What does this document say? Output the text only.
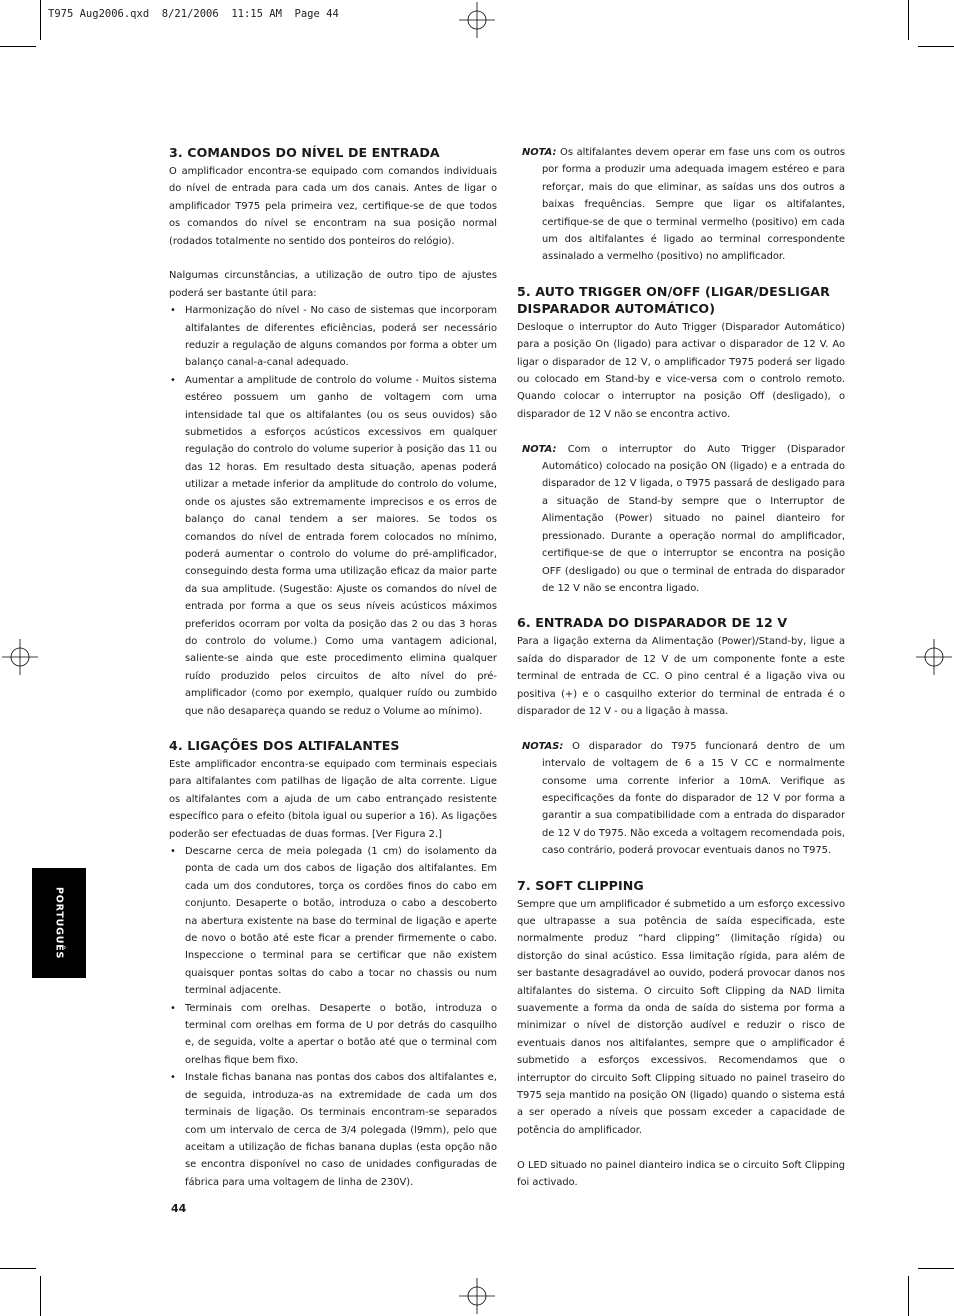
T975 Aug2006.qxd  8/21/2006  11:15 AM  Page 44
PORTUGUÊS
3. COMANDOS DO NÍVEL DE ENTRADA

O amplificador encontra-se equipado com comandos individuais do nível de entrada para cada um dos canais. Antes de ligar o amplificador T975 pela primeira vez, certifique-se de que todos os comandos do nível se encontram na sua posição normal (rodados totalmente no sentido dos ponteiros do relógio).

Nalgumas circunstâncias, a utilização de outro tipo de ajustes poderá ser bastante útil para:

• Harmonização do nível - No caso de sistemas que incorporam altifalantes de diferentes eficiências, poderá ser necessário reduzir a regulação de alguns comandos por forma a obter um balanço canal-a-canal adequado.
• Aumentar a amplitude de controlo do volume - Muitos sistema estéreo possuem um ganho de voltagem com uma intensidade tal que os altifalantes (ou os seus ouvidos) são submetidos a esforços acústicos excessivos em qualquer regulação do controlo do volume superior à posição das 11 ou das 12 horas. Em resultado desta situação, apenas poderá utilizar a metade inferior da amplitude do controlo do volume, onde os ajustes são extremamente imprecisos e os erros de balanço do canal tendem a ser maiores. Se todos os comandos do nível de entrada forem colocados no mínimo, poderá aumentar o controlo do volume do pré-amplificador, conseguindo desta forma uma utilização eficaz da maior parte da sua amplitude. (Sugestão: Ajuste os comandos do nível de entrada por forma a que os seus níveis acústicos máximos preferidos ocorram por volta da posição das 2 ou das 3 horas do controlo do volume.) Como uma vantagem adicional, saliente-se ainda que este procedimento elimina qualquer ruído produzido pelos circuitos de alto nível do pré-amplificador (como por exemplo, qualquer ruído ou zumbido que não desapareça quando se reduz o Volume ao mínimo).
4. LIGAÇÕES DOS ALTIFALANTES

Este amplificador encontra-se equipado com terminais especiais para altifalantes com patilhas de ligação de alta corrente. Ligue os altifalantes com a ajuda de um cabo entrançado resistente específico para o efeito (bitola igual ou superior a 16). As ligações poderão ser efectuadas de duas formas. [Ver Figura 2.]

• Descarne cerca de meia polegada (1 cm) do isolamento da ponta de cada um dos cabos de ligação dos altifalantes. Em cada um dos condutores, torça os cordões finos do cabo em conjunto. Desaperte o botão, introduza o cabo a descoberto na abertura existente na base do terminal de ligação e aperte de novo o botão até este ficar a prender firmemente o cabo. Inspeccione o terminal para se certificar que não existem quaisquer pontas soltas do cabo a tocar no chassis ou num terminal adjacente.
• Terminais com orelhas. Desaperte o botão, introduza o terminal com orelhas em forma de U por detrás do casquilho e, de seguida, volte a apertar o botão até que o terminal com orelhas fique bem fixo.
• Instale fichas banana nas pontas dos cabos dos altifalantes e, de seguida, introduza-as na extremidade de cada um dos terminais de ligação. Os terminais encontram-se separados com um intervalo de cerca de 3/4 polegada (l9mm), pelo que aceitam a utilização de fichas banana duplas (esta opção não se encontra disponível no caso de unidades configuradas de fábrica para uma voltagem de linha de 230V).

NOTA: Os altifalantes devem operar em fase uns com os outros por forma a produzir uma adequada imagem estéreo e para reforçar, mais do que eliminar, as saídas uns dos outros a baixas frequências. Sempre que ligar os altifalantes, certifique-se de que o terminal vermelho (positivo) em cada um dos altifalantes é ligado ao terminal correspondente assinalado a vermelho (positivo) no amplificador.

5. AUTO TRIGGER ON/OFF (LIGAR/DESLIGAR DISPARADOR AUTOMÁTICO)

Desloque o interruptor do Auto Trigger (Disparador Automático) para a posição On (ligado) para activar o disparador de 12 V. Ao ligar o disparador de 12 V, o amplificador T975 poderá ser ligado ou colocado em Stand-by e vice-versa com o controlo remoto. Quando colocar o interruptor na posição Off (desligado), o disparador de 12 V não se encontra activo.

NOTA: Com o interruptor do Auto Trigger (Disparador Automático) colocado na posição ON (ligado) e a entrada do disparador de 12 V ligada, o T975 passará de desligado para a situação de Stand-by sempre que o Interruptor de Alimentação (Power) situado no painel dianteiro for pressionado. Durante a operação normal do amplificador, certifique-se de que o interruptor se encontra na posição OFF (desligado) ou que o terminal de entrada do disparador de 12 V não se encontra ligado.

6. ENTRADA DO DISPARADOR DE 12 V

Para a ligação externa da Alimentação (Power)/Stand-by, ligue a saída do disparador de 12 V de um componente fonte a este terminal de entrada de CC. O pino central é a ligação viva ou positiva (+) e o casquilho exterior do terminal de entrada é o disparador de 12 V - ou a ligação à massa.

NOTAS: O disparador do T975 funcionará dentro de um intervalo de voltagem de 6 a 15 V CC e normalmente consome uma corrente inferior a 10mA. Verifique as especificações da fonte do disparador de 12 V por forma a garantir a sua compatibilidade com a entrada do disparador de 12 V do T975. Não exceda a voltagem recomendada pois, caso contrário, poderá provocar eventuais danos no T975.

7. SOFT CLIPPING

Sempre que um amplificador é submetido a um esforço excessivo que ultrapasse a sua potência de saída especificada, este normalmente produz “hard clipping” (limitação rígida) ou distorção do sinal acústico. Essa limitação rígida, para além de ser bastante desagradável ao ouvido, poderá provocar danos nos altifalantes do sistema. O circuito Soft Clipping da NAD limita suavemente a forma da onda de saída do sistema por forma a minimizar o nível de distorção audível e reduzir o risco de eventuais danos nos altifalantes, sempre que o amplificador é submetido a esforços excessivos. Recomendamos que o interruptor do circuito Soft Clipping situado no painel traseiro do T975 seja mantido na posição ON (ligado) quando o sistema está a ser operado a níveis que possam exceder a capacidade de potência do amplificador.

O LED situado no painel dianteiro indica se o circuito Soft Clipping foi activado.

44
